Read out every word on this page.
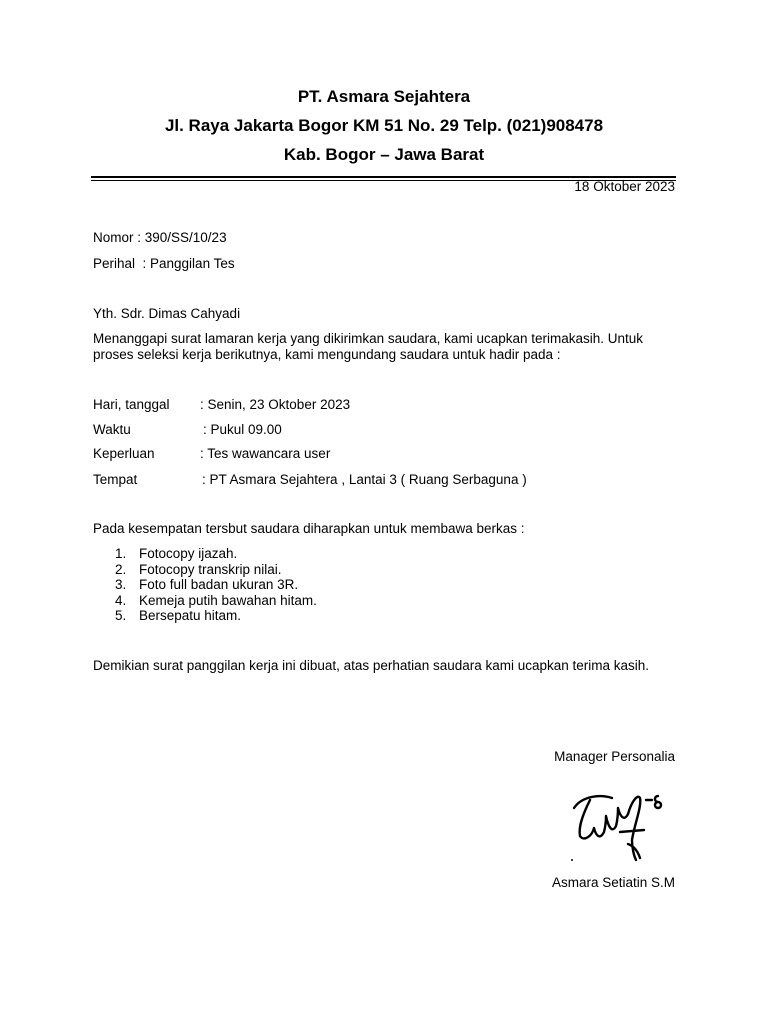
PT. Asmara Sejahtera
Jl. Raya Jakarta Bogor KM 51 No. 29 Telp. (021)908478
Kab. Bogor – Jawa Barat
18 Oktober 2023
Nomor : 390/SS/10/23
Perihal  : Panggilan Tes
Yth. Sdr. Dimas Cahyadi
Menanggapi surat lamaran kerja yang dikirimkan saudara, kami ucapkan terimakasih. Untuk proses seleksi kerja berikutnya, kami mengundang saudara untuk hadir pada :
Hari, tanggal : Senin, 23 Oktober 2023
Waktu	: Pukul 09.00
Keperluan	: Tes wawancara user
Tempat	: PT Asmara Sejahtera , Lantai 3 ( Ruang Serbaguna )
Pada kesempatan tersbut saudara diharapkan untuk membawa berkas :
1. Fotocopy ijazah.
2. Fotocopy transkrip nilai.
3. Foto full badan ukuran 3R.
4. Kemeja putih bawahan hitam.
5. Bersepatu hitam.
Demikian surat panggilan kerja ini dibuat, atas perhatian saudara kami ucapkan terima kasih.
Manager Personalia
Asmara Setiatin S.M
